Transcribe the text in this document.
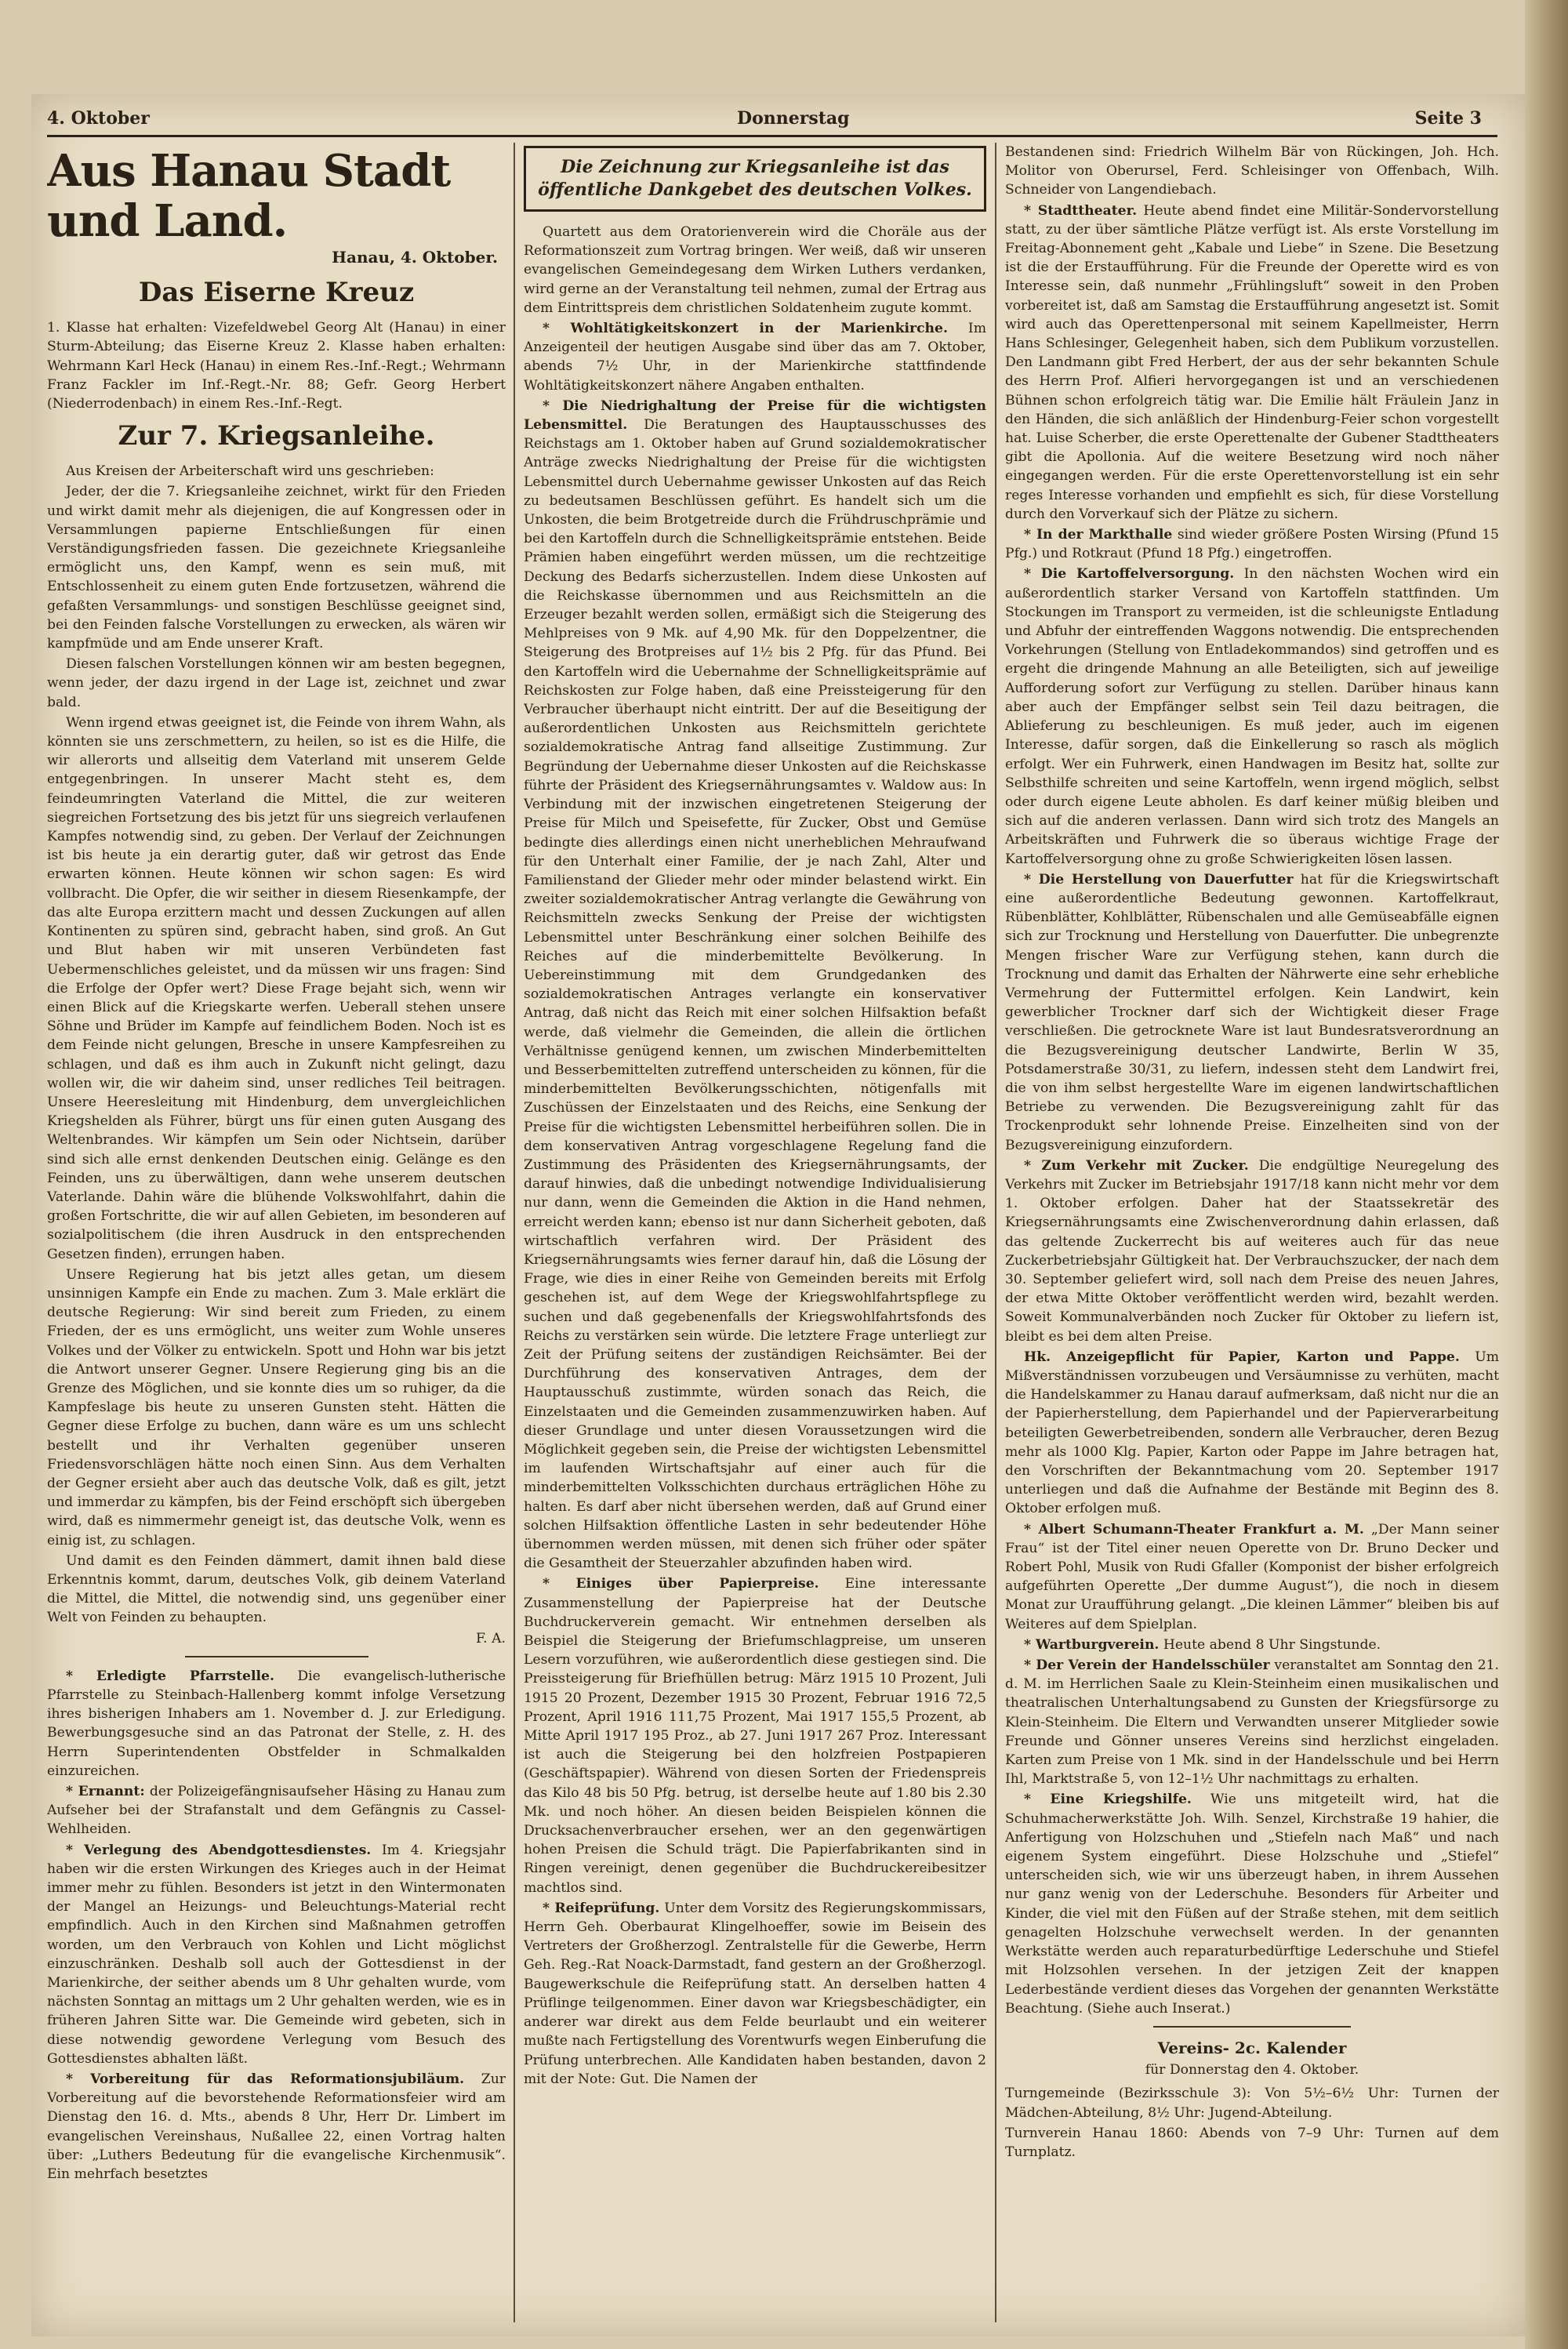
4. Oktober	Donnerstag	Seite 3
Aus Hanau Stadt und Land.
Hanau, 4. Oktober.
Das Eiserne Kreuz

1. Klasse hat erhalten: Vizefeldwebel Georg Alt (Hanau) in einer Sturm-Abteilung; das Eiserne Kreuz 2. Klasse haben erhalten: Wehrmann Karl Heck (Hanau) in einem Res.-Inf.-Regt.; Wehrmann Franz Fackler im Inf.-Regt.-Nr. 88; Gefr. Georg Herbert (Niederrodenbach) in einem Res.-Inf.-Regt.

Zur 7. Kriegsanleihe.

Aus Kreisen der Arbeiterschaft wird uns geschrieben:

Jeder, der die 7. Kriegsanleihe zeichnet, wirkt für den Frieden und wirkt damit mehr als diejenigen, die auf Kongressen oder in Versammlungen papierne Entschließungen für einen Verständigungsfrieden fassen. Die gezeichnete Kriegsanleihe ermöglicht uns, den Kampf, wenn es sein muß, mit Entschlossenheit zu einem guten Ende fortzusetzen, während die gefaßten Versammlungs- und sonstigen Beschlüsse geeignet sind, bei den Feinden falsche Vorstellungen zu erwecken, als wären wir kampfmüde und am Ende unserer Kraft.

Diesen falschen Vorstellungen können wir am besten begegnen, wenn jeder, der dazu irgend in der Lage ist, zeichnet und zwar bald.

Wenn irgend etwas geeignet ist, die Feinde von ihrem Wahn, als könnten sie uns zerschmettern, zu heilen, so ist es die Hilfe, die wir allerorts und allseitig dem Vaterland mit unserem Gelde entgegenbringen. In unserer Macht steht es, dem feindeumringten Vaterland die Mittel, die zur weiteren siegreichen Fortsetzung des bis jetzt für uns siegreich verlaufenen Kampfes notwendig sind, zu geben. Der Verlauf der Zeichnungen ist bis heute ja ein derartig guter, daß wir getrost das Ende erwarten können. Heute können wir schon sagen: Es wird vollbracht. Die Opfer, die wir seither in diesem Riesenkampfe, der das alte Europa erzittern macht und dessen Zuckungen auf allen Kontinenten zu spüren sind, gebracht haben, sind groß. An Gut und Blut haben wir mit unseren Verbündeten fast Uebermenschliches geleistet, und da müssen wir uns fragen: Sind die Erfolge der Opfer wert? Diese Frage bejaht sich, wenn wir einen Blick auf die Kriegskarte werfen. Ueberall stehen unsere Söhne und Brüder im Kampfe auf feindlichem Boden. Noch ist es dem Feinde nicht gelungen, Bresche in unsere Kampfesreihen zu schlagen, und daß es ihm auch in Zukunft nicht gelingt, dazu wollen wir, die wir daheim sind, unser redliches Teil beitragen. Unsere Heeresleitung mit Hindenburg, dem unvergleichlichen Kriegshelden als Führer, bürgt uns für einen guten Ausgang des Weltenbrandes. Wir kämpfen um Sein oder Nichtsein, darüber sind sich alle ernst denkenden Deutschen einig. Gelänge es den Feinden, uns zu überwältigen, dann wehe unserem deutschen Vaterlande. Dahin wäre die blühende Volkswohlfahrt, dahin die großen Fortschritte, die wir auf allen Gebieten, im besonderen auf sozialpolitischem (die ihren Ausdruck in den entsprechenden Gesetzen finden), errungen haben.

Unsere Regierung hat bis jetzt alles getan, um diesem unsinnigen Kampfe ein Ende zu machen. Zum 3. Male erklärt die deutsche Regierung: Wir sind bereit zum Frieden, zu einem Frieden, der es uns ermöglicht, uns weiter zum Wohle unseres Volkes und der Völker zu entwickeln. Spott und Hohn war bis jetzt die Antwort unserer Gegner. Unsere Regierung ging bis an die Grenze des Möglichen, und sie konnte dies um so ruhiger, da die Kampfeslage bis heute zu unseren Gunsten steht. Hätten die Gegner diese Erfolge zu buchen, dann wäre es um uns schlecht bestellt und ihr Verhalten gegenüber unseren Friedensvorschlägen hätte noch einen Sinn. Aus dem Verhalten der Gegner ersieht aber auch das deutsche Volk, daß es gilt, jetzt und immerdar zu kämpfen, bis der Feind erschöpft sich übergeben wird, daß es nimmermehr geneigt ist, das deutsche Volk, wenn es einig ist, zu schlagen.

Und damit es den Feinden dämmert, damit ihnen bald diese Erkenntnis kommt, darum, deutsches Volk, gib deinem Vaterland die Mittel, die Mittel, die notwendig sind, uns gegenüber einer Welt von Feinden zu behaupten.

F. A.

* Erledigte Pfarrstelle. Die evangelisch-lutherische Pfarrstelle zu Steinbach-Hallenberg kommt infolge Versetzung ihres bisherigen Inhabers am 1. November d. J. zur Erledigung. Bewerbungsgesuche sind an das Patronat der Stelle, z. H. des Herrn Superintendenten Obstfelder in Schmalkalden einzureichen.

* Ernannt: der Polizeigefängnisaufseher Häsing zu Hanau zum Aufseher bei der Strafanstalt und dem Gefängnis zu Cassel-Wehlheiden.

* Verlegung des Abendgottesdienstes. Im 4. Kriegsjahr haben wir die ersten Wirkungen des Krieges auch in der Heimat immer mehr zu fühlen. Besonders ist jetzt in den Wintermonaten der Mangel an Heizungs- und Beleuchtungs-Material recht empfindlich. Auch in den Kirchen sind Maßnahmen getroffen worden, um den Verbrauch von Kohlen und Licht möglichst einzuschränken. Deshalb soll auch der Gottesdienst in der Marienkirche, der seither abends um 8 Uhr gehalten wurde, vom nächsten Sonntag an mittags um 2 Uhr gehalten werden, wie es in früheren Jahren Sitte war. Die Gemeinde wird gebeten, sich in diese notwendig gewordene Verlegung vom Besuch des Gottesdienstes abhalten läßt.

* Vorbereitung für das Reformationsjubiläum. Zur Vorbereitung auf die bevorstehende Reformationsfeier wird am Dienstag den 16. d. Mts., abends 8 Uhr, Herr Dr. Limbert im evangelischen Vereinshaus, Nußallee 22, einen Vortrag halten über: „Luthers Bedeutung für die evangelische Kirchenmusik“. Ein mehrfach besetztes

Die Zeichnung zur Kriegsanleihe ist das öffentliche Dankgebet des deutschen Volkes.

Quartett aus dem Oratorienverein wird die Choräle aus der Reformationszeit zum Vortrag bringen. Wer weiß, daß wir unseren evangelischen Gemeindegesang dem Wirken Luthers verdanken, wird gerne an der Veranstaltung teil nehmen, zumal der Ertrag aus dem Eintrittspreis dem christlichen Soldatenheim zugute kommt.

* Wohltätigkeitskonzert in der Marienkirche. Im Anzeigenteil der heutigen Ausgabe sind über das am 7. Oktober, abends 7½ Uhr, in der Marienkirche stattfindende Wohltätigkeitskonzert nähere Angaben enthalten.

* Die Niedrighaltung der Preise für die wichtigsten Lebensmittel. Die Beratungen des Hauptausschusses des Reichstags am 1. Oktober haben auf Grund sozialdemokratischer Anträge zwecks Niedrighaltung der Preise für die wichtigsten Lebensmittel durch Uebernahme gewisser Unkosten auf das Reich zu bedeutsamen Beschlüssen geführt. Es handelt sich um die Unkosten, die beim Brotgetreide durch die Frühdruschprämie und bei den Kartoffeln durch die Schnelligkeitsprämie entstehen. Beide Prämien haben eingeführt werden müssen, um die rechtzeitige Deckung des Bedarfs sicherzustellen. Indem diese Unkosten auf die Reichskasse übernommen und aus Reichsmitteln an die Erzeuger bezahlt werden sollen, ermäßigt sich die Steigerung des Mehlpreises von 9 Mk. auf 4,90 Mk. für den Doppelzentner, die Steigerung des Brotpreises auf 1½ bis 2 Pfg. für das Pfund. Bei den Kartoffeln wird die Uebernahme der Schnelligkeitsprämie auf Reichskosten zur Folge haben, daß eine Preissteigerung für den Verbraucher überhaupt nicht eintritt. Der auf die Beseitigung der außerordentlichen Unkosten aus Reichsmitteln gerichtete sozialdemokratische Antrag fand allseitige Zustimmung. Zur Begründung der Uebernahme dieser Unkosten auf die Reichskasse führte der Präsident des Kriegsernährungsamtes v. Waldow aus: In Verbindung mit der inzwischen eingetretenen Steigerung der Preise für Milch und Speisefette, für Zucker, Obst und Gemüse bedingte dies allerdings einen nicht unerheblichen Mehraufwand für den Unterhalt einer Familie, der je nach Zahl, Alter und Familienstand der Glieder mehr oder minder belastend wirkt. Ein zweiter sozialdemokratischer Antrag verlangte die Gewährung von Reichsmitteln zwecks Senkung der Preise der wichtigsten Lebensmittel unter Beschränkung einer solchen Beihilfe des Reiches auf die minderbemittelte Bevölkerung. In Uebereinstimmung mit dem Grundgedanken des sozialdemokratischen Antrages verlangte ein konservativer Antrag, daß nicht das Reich mit einer solchen Hilfsaktion befaßt werde, daß vielmehr die Gemeinden, die allein die örtlichen Verhältnisse genügend kennen, um zwischen Minderbemittelten und Besserbemittelten zutreffend unterscheiden zu können, für die minderbemittelten Bevölkerungsschichten, nötigenfalls mit Zuschüssen der Einzelstaaten und des Reichs, eine Senkung der Preise für die wichtigsten Lebensmittel herbeiführen sollen. Die in dem konservativen Antrag vorgeschlagene Regelung fand die Zustimmung des Präsidenten des Kriegsernährungsamts, der darauf hinwies, daß die unbedingt notwendige Individualisierung nur dann, wenn die Gemeinden die Aktion in die Hand nehmen, erreicht werden kann; ebenso ist nur dann Sicherheit geboten, daß wirtschaftlich verfahren wird. Der Präsident des Kriegsernährungsamts wies ferner darauf hin, daß die Lösung der Frage, wie dies in einer Reihe von Gemeinden bereits mit Erfolg geschehen ist, auf dem Wege der Kriegswohlfahrtspflege zu suchen und daß gegebenenfalls der Kriegswohlfahrtsfonds des Reichs zu verstärken sein würde. Die letztere Frage unterliegt zur Zeit der Prüfung seitens der zuständigen Reichsämter. Bei der Durchführung des konservativen Antrages, dem der Hauptausschuß zustimmte, würden sonach das Reich, die Einzelstaaten und die Gemeinden zusammenzuwirken haben. Auf dieser Grundlage und unter diesen Voraussetzungen wird die Möglichkeit gegeben sein, die Preise der wichtigsten Lebensmittel im laufenden Wirtschaftsjahr auf einer auch für die minderbemittelten Volksschichten durchaus erträglichen Höhe zu halten. Es darf aber nicht übersehen werden, daß auf Grund einer solchen Hilfsaktion öffentliche Lasten in sehr bedeutender Höhe übernommen werden müssen, mit denen sich früher oder später die Gesamtheit der Steuerzahler abzufinden haben wird.

* Einiges über Papierpreise. Eine interessante Zusammenstellung der Papierpreise hat der Deutsche Buchdruckerverein gemacht. Wir entnehmen derselben als Beispiel die Steigerung der Briefumschlagpreise, um unseren Lesern vorzuführen, wie außerordentlich diese gestiegen sind. Die Preissteigerung für Briefhüllen betrug: März 1915 10 Prozent, Juli 1915 20 Prozent, Dezember 1915 30 Prozent, Februar 1916 72,5 Prozent, April 1916 111,75 Prozent, Mai 1917 155,5 Prozent, ab Mitte April 1917 195 Proz., ab 27. Juni 1917 267 Proz. Interessant ist auch die Steigerung bei den holzfreien Postpapieren (Geschäftspapier). Während von diesen Sorten der Friedenspreis das Kilo 48 bis 50 Pfg. betrug, ist derselbe heute auf 1.80 bis 2.30 Mk. und noch höher. An diesen beiden Beispielen können die Drucksachenverbraucher ersehen, wer an den gegenwärtigen hohen Preisen die Schuld trägt. Die Papierfabrikanten sind in Ringen vereinigt, denen gegenüber die Buchdruckereibesitzer machtlos sind.

* Reifeprüfung. Unter dem Vorsitz des Regierungskommissars, Herrn Geh. Oberbaurat Klingelhoeffer, sowie im Beisein des Vertreters der Großherzogl. Zentralstelle für die Gewerbe, Herrn Geh. Reg.-Rat Noack-Darmstadt, fand gestern an der Großherzogl. Baugewerkschule die Reifeprüfung statt. An derselben hatten 4 Prüflinge teilgenommen. Einer davon war Kriegsbeschädigter, ein anderer war direkt aus dem Felde beurlaubt und ein weiterer mußte nach Fertigstellung des Vorentwurfs wegen Einberufung die Prüfung unterbrechen. Alle Kandidaten haben bestanden, davon 2 mit der Note: Gut. Die Namen der

Bestandenen sind: Friedrich Wilhelm Bär von Rückingen, Joh. Hch. Molitor von Oberursel, Ferd. Schleisinger von Offenbach, Wilh. Schneider von Langendiebach.

* Stadttheater. Heute abend findet eine Militär-Sondervorstellung statt, zu der über sämtliche Plätze verfügt ist. Als erste Vorstellung im Freitag-Abonnement geht „Kabale und Liebe“ in Szene. Die Besetzung ist die der Erstaufführung. Für die Freunde der Operette wird es von Interesse sein, daß nunmehr „Frühlingsluft“ soweit in den Proben vorbereitet ist, daß am Samstag die Erstaufführung angesetzt ist. Somit wird auch das Operettenpersonal mit seinem Kapellmeister, Herrn Hans Schlesinger, Gelegenheit haben, sich dem Publikum vorzustellen. Den Landmann gibt Fred Herbert, der aus der sehr bekannten Schule des Herrn Prof. Alfieri hervorgegangen ist und an verschiedenen Bühnen schon erfolgreich tätig war. Die Emilie hält Fräulein Janz in den Händen, die sich anläßlich der Hindenburg-Feier schon vorgestellt hat. Luise Scherber, die erste Operettenalte der Gubener Stadttheaters gibt die Apollonia. Auf die weitere Besetzung wird noch näher eingegangen werden. Für die erste Operettenvorstellung ist ein sehr reges Interesse vorhanden und empfiehlt es sich, für diese Vorstellung durch den Vorverkauf sich der Plätze zu sichern.

* In der Markthalle sind wieder größere Posten Wirsing (Pfund 15 Pfg.) und Rotkraut (Pfund 18 Pfg.) eingetroffen.

* Die Kartoffelversorgung. In den nächsten Wochen wird ein außerordentlich starker Versand von Kartoffeln stattfinden. Um Stockungen im Transport zu vermeiden, ist die schleunigste Entladung und Abfuhr der eintreffenden Waggons notwendig. Die entsprechenden Vorkehrungen (Stellung von Entladekommandos) sind getroffen und es ergeht die dringende Mahnung an alle Beteiligten, sich auf jeweilige Aufforderung sofort zur Verfügung zu stellen. Darüber hinaus kann aber auch der Empfänger selbst sein Teil dazu beitragen, die Ablieferung zu beschleunigen. Es muß jeder, auch im eigenen Interesse, dafür sorgen, daß die Einkellerung so rasch als möglich erfolgt. Wer ein Fuhrwerk, einen Handwagen im Besitz hat, sollte zur Selbsthilfe schreiten und seine Kartoffeln, wenn irgend möglich, selbst oder durch eigene Leute abholen. Es darf keiner müßig bleiben und sich auf die anderen verlassen. Dann wird sich trotz des Mangels an Arbeitskräften und Fuhrwerk die so überaus wichtige Frage der Kartoffelversorgung ohne zu große Schwierigkeiten lösen lassen.

* Die Herstellung von Dauerfutter hat für die Kriegswirtschaft eine außerordentliche Bedeutung gewonnen. Kartoffelkraut, Rübenblätter, Kohlblätter, Rübenschalen und alle Gemüseabfälle eignen sich zur Trocknung und Herstellung von Dauerfutter. Die unbegrenzte Mengen frischer Ware zur Verfügung stehen, kann durch die Trocknung und damit das Erhalten der Nährwerte eine sehr erhebliche Vermehrung der Futtermittel erfolgen. Kein Landwirt, kein gewerblicher Trockner darf sich der Wichtigkeit dieser Frage verschließen. Die getrocknete Ware ist laut Bundesratsverordnung an die Bezugsvereinigung deutscher Landwirte, Berlin W 35, Potsdamerstraße 30/31, zu liefern, indessen steht dem Landwirt frei, die von ihm selbst hergestellte Ware im eigenen landwirtschaftlichen Betriebe zu verwenden. Die Bezugsvereinigung zahlt für das Trockenprodukt sehr lohnende Preise. Einzelheiten sind von der Bezugsvereinigung einzufordern.

* Zum Verkehr mit Zucker. Die endgültige Neuregelung des Verkehrs mit Zucker im Betriebsjahr 1917/18 kann nicht mehr vor dem 1. Oktober erfolgen. Daher hat der Staatssekretär des Kriegsernährungsamts eine Zwischenverordnung dahin erlassen, daß das geltende Zuckerrecht bis auf weiteres auch für das neue Zuckerbetriebsjahr Gültigkeit hat. Der Verbrauchszucker, der nach dem 30. September geliefert wird, soll nach dem Preise des neuen Jahres, der etwa Mitte Oktober veröffentlicht werden wird, bezahlt werden. Soweit Kommunalverbänden noch Zucker für Oktober zu liefern ist, bleibt es bei dem alten Preise.

Hk. Anzeigepflicht für Papier, Karton und Pappe. Um Mißverständnissen vorzubeugen und Versäumnisse zu verhüten, macht die Handelskammer zu Hanau darauf aufmerksam, daß nicht nur die an der Papierherstellung, dem Papierhandel und der Papierverarbeitung beteiligten Gewerbetreibenden, sondern alle Verbraucher, deren Bezug mehr als 1000 Klg. Papier, Karton oder Pappe im Jahre betragen hat, den Vorschriften der Bekanntmachung vom 20. September 1917 unterliegen und daß die Aufnahme der Bestände mit Beginn des 8. Oktober erfolgen muß.

* Albert Schumann-Theater Frankfurt a. M. „Der Mann seiner Frau“ ist der Titel einer neuen Operette von Dr. Bruno Decker und Robert Pohl, Musik von Rudi Gfaller (Komponist der bisher erfolgreich aufgeführten Operette „Der dumme August“), die noch in diesem Monat zur Uraufführung gelangt. „Die kleinen Lämmer“ bleiben bis auf Weiteres auf dem Spielplan.

* Wartburgverein. Heute abend 8 Uhr Singstunde.

* Der Verein der Handelsschüler veranstaltet am Sonntag den 21. d. M. im Herrlichen Saale zu Klein-Steinheim einen musikalischen und theatralischen Unterhaltungsabend zu Gunsten der Kriegsfürsorge zu Klein-Steinheim. Die Eltern und Verwandten unserer Mitglieder sowie Freunde und Gönner unseres Vereins sind herzlichst eingeladen. Karten zum Preise von 1 Mk. sind in der Handelsschule und bei Herrn Ihl, Marktstraße 5, von 12–1½ Uhr nachmittags zu erhalten.

* Eine Kriegshilfe. Wie uns mitgeteilt wird, hat die Schuhmacherwerkstätte Joh. Wilh. Senzel, Kirchstraße 19 hahier, die Anfertigung von Holzschuhen und „Stiefeln nach Maß“ und nach eigenem System eingeführt. Diese Holzschuhe und „Stiefel“ unterscheiden sich, wie wir uns überzeugt haben, in ihrem Aussehen nur ganz wenig von der Lederschuhe. Besonders für Arbeiter und Kinder, die viel mit den Füßen auf der Straße stehen, mit dem seitlich genagelten Holzschuhe verwechselt werden. In der genannten Werkstätte werden auch reparaturbedürftige Lederschuhe und Stiefel mit Holzsohlen versehen. In der jetzigen Zeit der knappen Lederbestände verdient dieses das Vorgehen der genannten Werkstätte Beachtung. (Siehe auch Inserat.)

Vereins- 2c. Kalender
für Donnerstag den 4. Oktober.

Turngemeinde (Bezirksschule 3): Von 5½–6½ Uhr: Turnen der Mädchen-Abteilung, 8½ Uhr: Jugend-Abteilung.

Turnverein Hanau 1860: Abends von 7–9 Uhr: Turnen auf dem Turnplatz.
